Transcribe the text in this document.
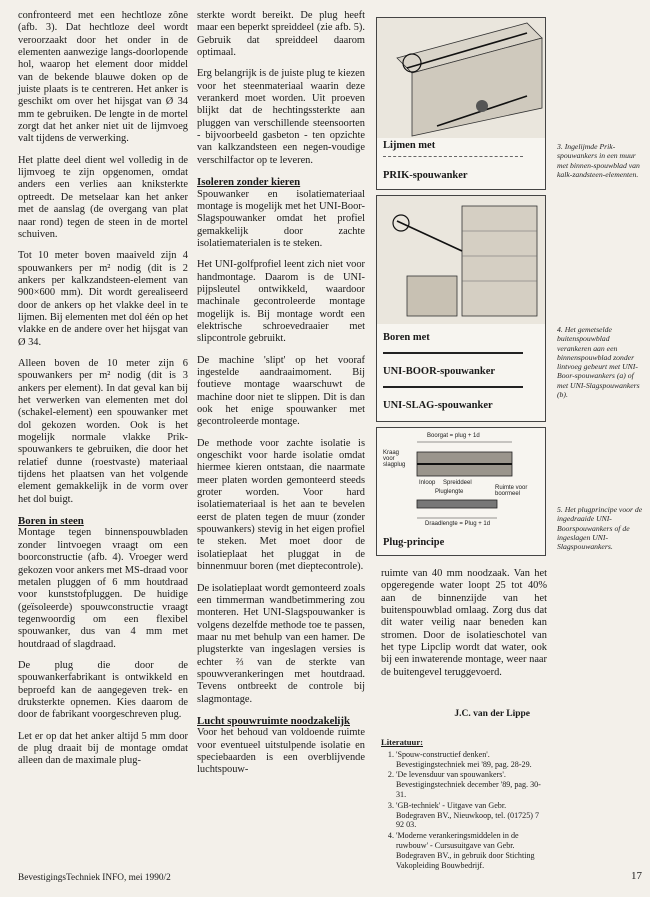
confronteerd met een hechtloze zône (afb. 3). Dat hechtloze deel wordt veroorzaakt door het onder in de elementen aanwezige langs-doorlopende hol, waarop het element door middel van de bekende blauwe doken op de juiste plaats is te centreren. Het anker is geschikt om over het hijsgat van Ø 34 mm te gebruiken. De lengte in de mortel zorgt dat het anker niet uit de lijmvoeg valt tijdens de verwerking.

Het platte deel dient wel volledig in de lijmvoeg te zijn opgenomen, omdat anders een verlies aan kniksterkte optreedt. De metselaar kan het anker met de aanslag (de overgang van plat naar rond) tegen de steen in de mortel schuiven.

Tot 10 meter boven maaiveld zijn 4 spouwankers per m² nodig (dit is 2 ankers per kalkzandsteen-element van 900×600 mm). Dit wordt gerealiseerd door de ankers op het vlakke deel in te lijmen. Bij elementen met dol één op het vlakke en de andere over het hijsgat van Ø 34.

Alleen boven de 10 meter zijn 6 spouwankers per m² nodig (dit is 3 ankers per element). In dat geval kan bij het verwerken van elementen met dol (schakel-element) een spouwanker met dol gekozen worden. Ook is het mogelijk normale vlakke Prik-spouwankers te gebruiken, die door het relatief dunne (roestvaste) materiaal tijdens het plaatsen van het volgende element gemakkelijk in de vorm over het dol buigt.

Boren in steen

Montage tegen binnenspouwbladen zonder lintvoegen vraagt om een boorconstructie (afb. 4). Vroeger werd gekozen voor ankers met MS-draad voor metalen pluggen of 6 mm houtdraad voor kunststofpluggen. De huidige (geïsoleerde) spouwconstructie vraagt tegenwoordig om een flexibel spouwanker, dus van 4 mm met houtdraad of slagdraad.

De plug die door de spouwankerfabrikant is ontwikkeld en beproefd kan de aangegeven trek- en druksterkte opnemen. Kies daarom de door de fabrikant voorgeschreven plug.

Let er op dat het anker altijd 5 mm door de plug draait bij de montage omdat alleen dan de maximale plug-

sterkte wordt bereikt. De plug heeft maar een beperkt spreiddeel (zie afb. 5). Gebruik dat spreiddeel daarom optimaal.

Erg belangrijk is de juiste plug te kiezen voor het steenmateriaal waarin deze verankerd moet worden. Uit proeven blijkt dat de hechtingssterkte aan pluggen van verschillende steensoorten - bijvoorbeeld gasbeton - ten opzichte van kalkzandsteen een negen-voudige verschilfactor op te leveren.

Isoleren zonder kieren

Spouwanker en isolatiemateriaal montage is mogelijk met het UNI-Boor-Slagspouwanker omdat het profiel gemakkelijk door zachte isolatiematerialen is te steken.

Het UNI-golfprofiel leent zich niet voor handmontage. Daarom is de UNI-pijpsleutel ontwikkeld, waardoor machinale gecontroleerde montage mogelijk is. Bij montage wordt een elektrische schroevedraaier met slipcontrole gebruikt.

De machine 'slipt' op het vooraf ingestelde aandraaimoment. Bij foutieve montage waarschuwt de machine door niet te slippen. Dit is dan ook het enige spouwanker met gecontroleerde montage.

De methode voor zachte isolatie is ongeschikt voor harde isolatie omdat hiermee kieren ontstaan, die naarmate meer platen worden gemonteerd steeds groter worden. Voor hard isolatiemateriaal is het aan te bevelen eerst de platen tegen de muur (zonder spouwankers) stevig in het eigen profiel te steken. Met moet door de isolatieplaat het pluggat in de binnenmuur boren (met dieptecontrole).

De isolatieplaat wordt gemonteerd zoals een timmerman wandbetimmering zou monteren. Het UNI-Slagspouwanker is volgens dezelfde methode toe te passen, maar nu met behulp van een hamer. De plugsterkte van ingeslagen versies is echter ⅔ van de sterkte van spouwverankeringen met houtdraad. Tevens ontbreekt de controle bij slagmontage.

Lucht spouwruimte noodzakelijk

Voor het behoud van voldoende ruimte voor eventueel uitstulpende isolatie en speciebaarden is een overblijvende luchtspouw-

ruimte van 40 mm noodzaak. Van het opgeregende water loopt 25 tot 40% aan de binnenzijde van het buitenspouwblad omlaag. Zorg dus dat dit water veilig naar beneden kan stromen. Door de isolatieschotel van het type Lipclip wordt dat water, ook bij een inwaterende montage, weer naar de buitengevel teruggevoerd.

J.C. van der Lippe
Literatuur:
1. 'Spouw-constructief denken'. Bevestigingstechniek mei '89, pag. 28-29.
2. 'De levensduur van spouwankers'. Bevestigingstechniek december '89, pag. 30-31.
3. 'GB-techniek' - Uitgave van Gebr. Bodegraven BV., Nieuwkoop, tel. (01725) 7 92 03.
4. 'Moderne verankeringsmiddelen in de ruwbouw' - Cursusuitgave van Gebr. Bodegraven BV., in gebruik door Stichting Vakopleiding Bouwbedrijf.
Lijmen met
PRIK-spouwanker
Boren met
UNI-BOOR-spouwanker
UNI-SLAG-spouwanker
Boorgat = plug + 1d
Kraag voor slagplug
Inloop Spreiddeel
Pluglengte
Ruimte voor boormeel
Draadlengte = Plug + 1d
Plug-principe
3. Ingelijmde Prik-spouwankers in een muur met binnen-spouwblad van kalk-zandsteen-elementen.
4. Het gemetselde buitenspouwblad verankeren aan een binnenspouwblad zonder lintvoeg gebeurt met UNI-Boor-spouwankers (a) of met UNI-Slagspouwankers (b).
5. Het plugprincipe voor de ingedraaide UNI-Boorspouwankers of de ingeslagen UNI-Slagspouwankers.
BevestigingsTechniek INFO, mei 1990/2	17
